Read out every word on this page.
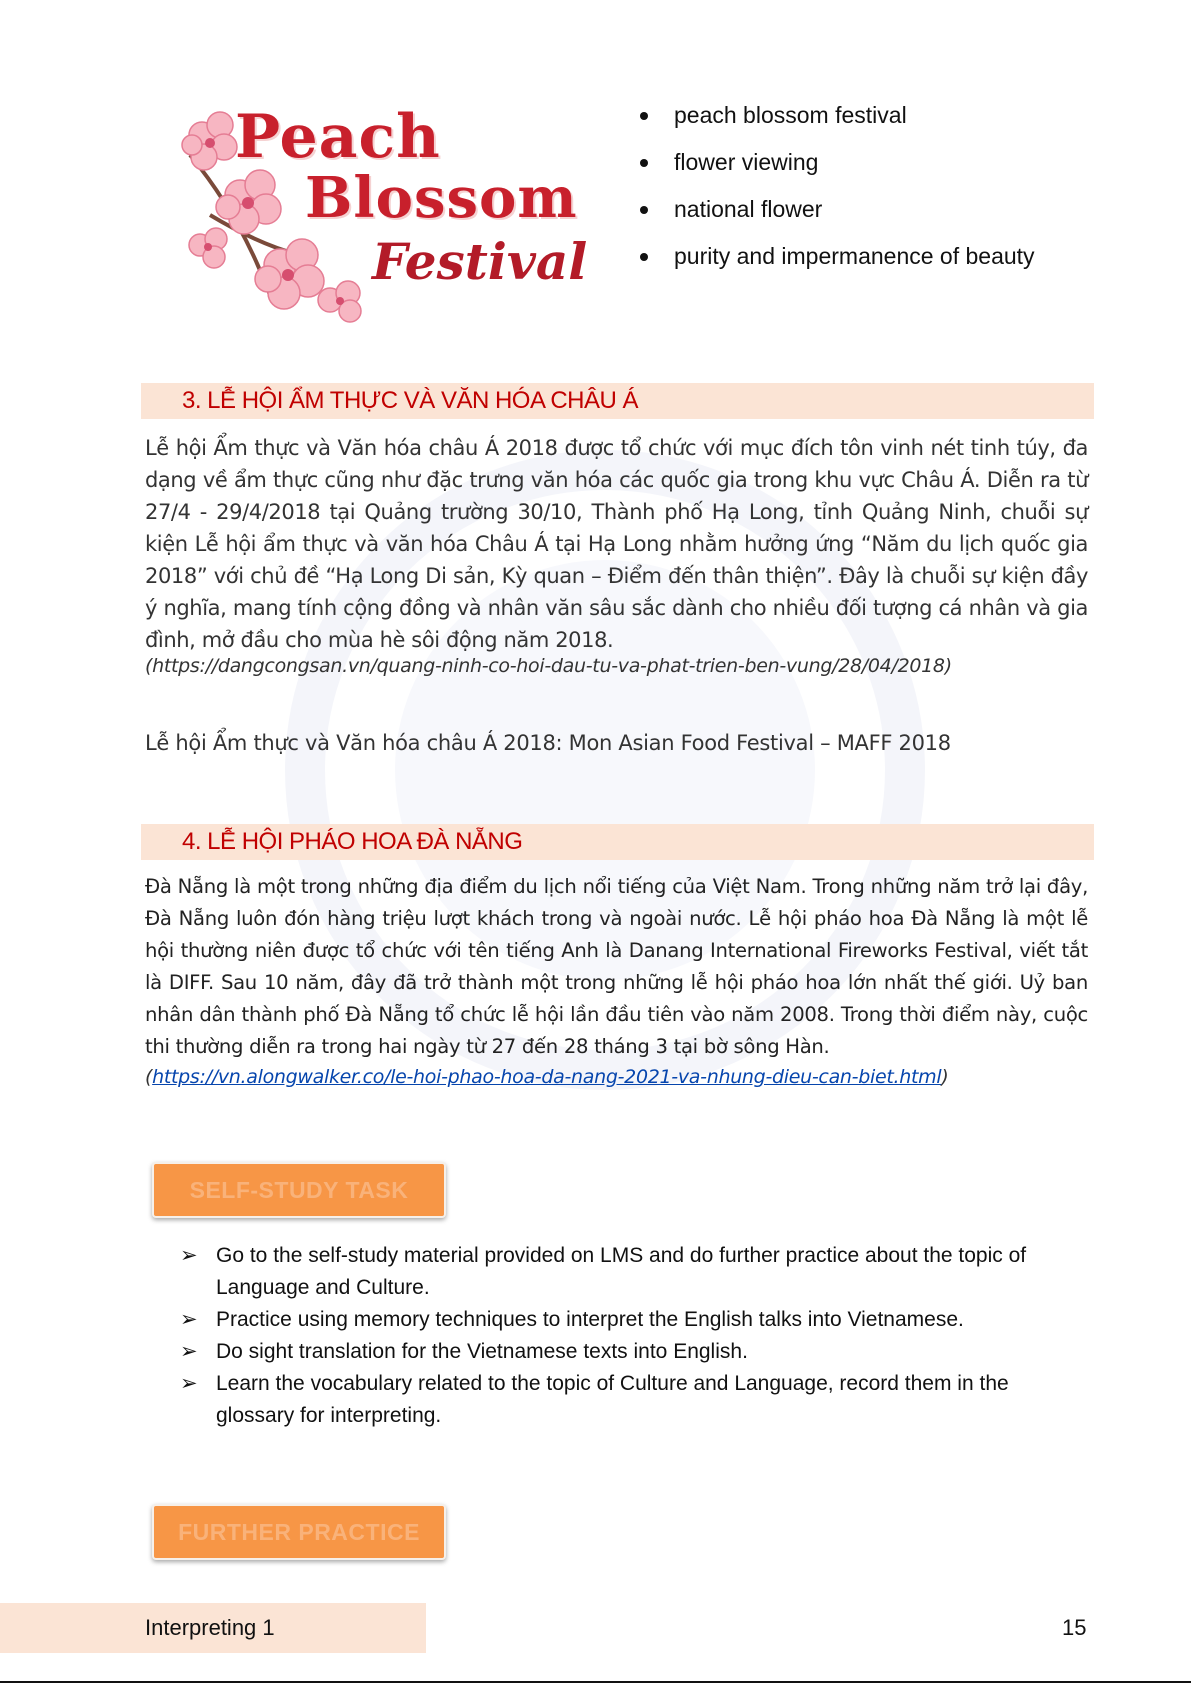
Peach
Blossom
Festival
peach blossom festival
flower viewing
national flower
purity and impermanence of beauty
3. LỄ HỘI ẨM THỰC VÀ VĂN HÓA CHÂU Á
Lễ hội Ẩm thực và Văn hóa châu Á 2018 được tổ chức với mục đích tôn vinh nét tinh túy, đa dạng về ẩm thực cũng như đặc trưng văn hóa các quốc gia trong khu vực Châu Á. Diễn ra từ 27/4 - 29/4/2018 tại Quảng trường 30/10, Thành phố Hạ Long, tỉnh Quảng Ninh, chuỗi sự kiện Lễ hội ẩm thực và văn hóa Châu Á tại Hạ Long nhằm hưởng ứng “Năm du lịch quốc gia 2018” với chủ đề “Hạ Long Di sản, Kỳ quan – Điểm đến thân thiện”. Đây là chuỗi sự kiện đầy ý nghĩa, mang tính cộng đồng và nhân văn sâu sắc dành cho nhiều đối tượng cá nhân và gia đình, mở đầu cho mùa hè sôi động năm 2018.
(https://dangcongsan.vn/quang-ninh-co-hoi-dau-tu-va-phat-trien-ben-vung/28/04/2018)
Lễ hội Ẩm thực và Văn hóa châu Á 2018: Mon Asian Food Festival – MAFF 2018
4. LỄ HỘI PHÁO HOA ĐÀ NẴNG
Đà Nẵng là một trong những địa điểm du lịch nổi tiếng của Việt Nam. Trong những năm trở lại đây, Đà Nẵng luôn đón hàng triệu lượt khách trong và ngoài nước. Lễ hội pháo hoa Đà Nẵng là một lễ hội thường niên được tổ chức với tên tiếng Anh là Danang International Fireworks Festival, viết tắt là DIFF. Sau 10 năm, đây đã trở thành một trong những lễ hội pháo hoa lớn nhất thế giới. Uỷ ban nhân dân thành phố Đà Nẵng tổ chức lễ hội lần đầu tiên vào năm 2008. Trong thời điểm này, cuộc thi thường diễn ra trong hai ngày từ 27 đến 28 tháng 3 tại bờ sông Hàn.
(https://vn.alongwalker.co/le-hoi-phao-hoa-da-nang-2021-va-nhung-dieu-can-biet.html)
SELF-STUDY TASK
➢ Go to the self-study material provided on LMS and do further practice about the topic of Language and Culture.
➢ Practice using memory techniques to interpret the English talks into Vietnamese.
➢ Do sight translation for the Vietnamese texts into English.
➢ Learn the vocabulary related to the topic of Culture and Language, record them in the glossary for interpreting.
FURTHER PRACTICE
Interpreting 1	15
